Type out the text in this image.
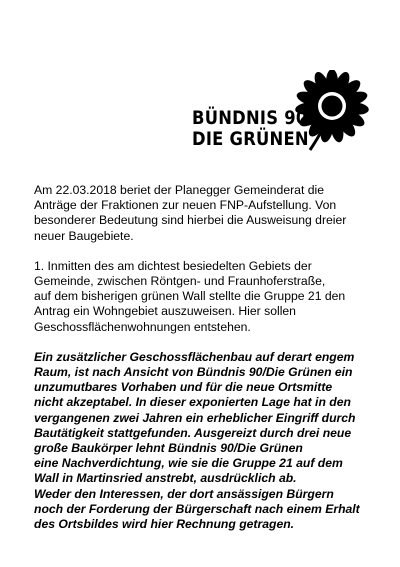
BÜNDNIS 90
DIE GRÜNEN

Am 22.03.2018 beriet der Planegger Gemeinderat die
Anträge der Fraktionen zur neuen FNP-Aufstellung. Von
besonderer Bedeutung sind hierbei die Ausweisung dreier
neuer Baugebiete.

1. Inmitten des am dichtest besiedelten Gebiets der
Gemeinde, zwischen Röntgen- und Fraunhoferstraße,
auf dem bisherigen grünen Wall stellte die Gruppe 21 den
Antrag ein Wohngebiet auszuweisen. Hier sollen
Geschossflächenwohnungen entstehen.

Ein zusätzlicher Geschossflächenbau auf derart engem
Raum, ist nach Ansicht von Bündnis 90/Die Grünen ein
unzumutbares Vorhaben und für die neue Ortsmitte
nicht akzeptabel. In dieser exponierten Lage hat in den
vergangenen zwei Jahren ein erheblicher Eingriff durch
Bautätigkeit stattgefunden. Ausgereizt durch drei neue
große Baukörper lehnt Bündnis 90/Die Grünen
eine Nachverdichtung, wie sie die Gruppe 21 auf dem
Wall in Martinsried anstrebt, ausdrücklich ab.
Weder den Interessen, der dort ansässigen Bürgern
noch der Forderung der Bürgerschaft nach einem Erhalt
des Ortsbildes wird hier Rechnung getragen.
